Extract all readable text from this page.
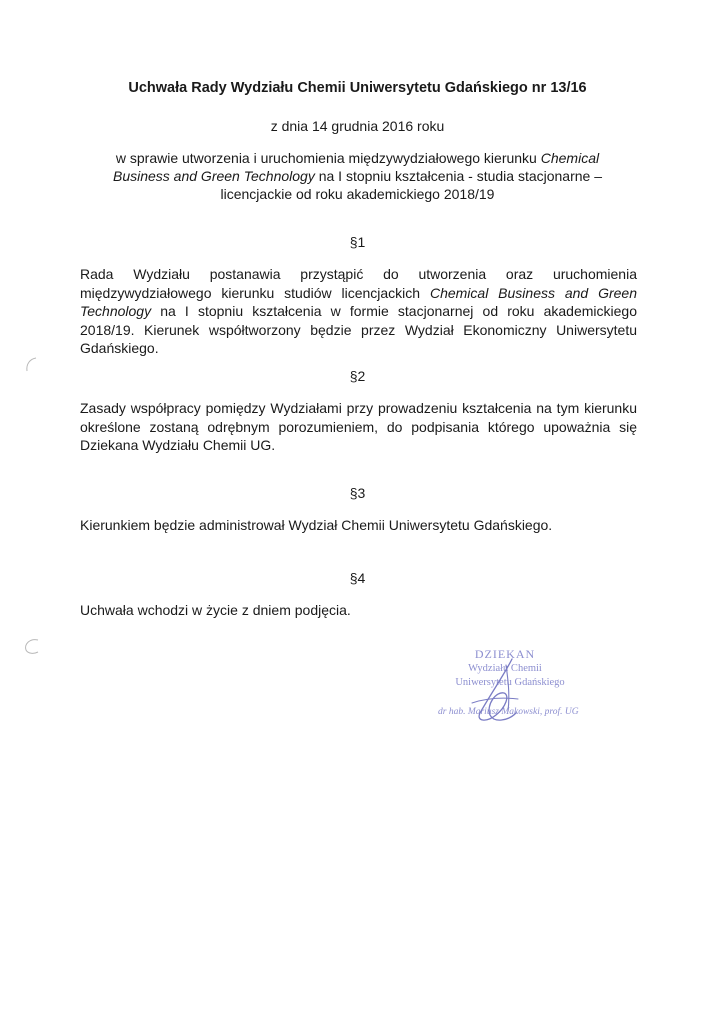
Uchwała Rady Wydziału Chemii Uniwersytetu Gdańskiego nr 13/16
z dnia 14 grudnia 2016 roku
w sprawie utworzenia i uruchomienia międzywydziałowego kierunku Chemical Business and Green Technology na I stopniu kształcenia - studia stacjonarne – licencjackie od roku akademickiego 2018/19
§1
Rada Wydziału postanawia przystąpić do utworzenia oraz uruchomienia międzywydziałowego kierunku studiów licencjackich Chemical Business and Green Technology na I stopniu kształcenia w formie stacjonarnej od roku akademickiego 2018/19. Kierunek współtworzony będzie przez Wydział Ekonomiczny Uniwersytetu Gdańskiego.
§2
Zasady współpracy pomiędzy Wydziałami przy prowadzeniu kształcenia na tym kierunku określone zostaną odrębnym porozumieniem, do podpisania którego upoważnia się Dziekana Wydziału Chemii UG.
§3
Kierunkiem będzie administrował Wydział Chemii Uniwersytetu Gdańskiego.
§4
Uchwała wchodzi w życie z dniem podjęcia.
DZIEKAN
Wydziału Chemii
Uniwersytetu Gdańskiego
dr hab. Mariusz Makowski, prof. UG
